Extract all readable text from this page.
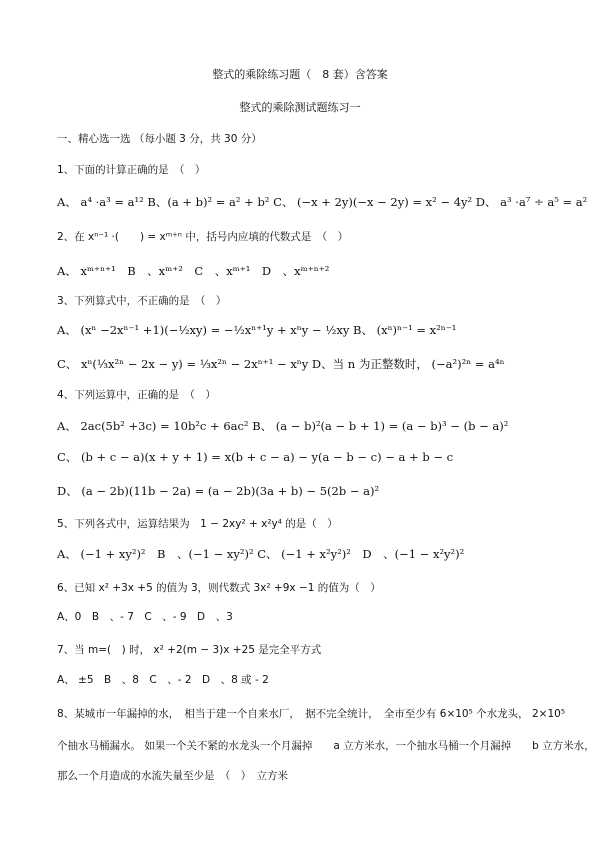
整式的乘除练习题（　8 套）含答案
整式的乘除测试题练习一
一、精心选一选 （每小题 3 分，共 30 分）
1、下面的计算正确的是　（　）
A、 a⁴ ·a³ = a¹² B、(a + b)² = a² + b² C、 (−x + 2y)(−x − 2y) = x² − 4y² D、 a³ ·a⁷ ÷ a⁵ = a²
2、在 xⁿ⁻¹ ·(　　) = xᵐ⁺ⁿ 中，括号内应填的代数式是　（　）
A、 xᵐ⁺ⁿ⁺¹　B　、xᵐ⁺²　C　、xᵐ⁺¹　D　、xᵐ⁺ⁿ⁺²
3、下列算式中，不正确的是　（　）
A、 (xⁿ −2xⁿ⁻¹ +1)(−½xy) = −½xⁿ⁺¹y + xⁿy − ½xy B、 (xⁿ)ⁿ⁻¹ = x²ⁿ⁻¹
C、 xⁿ(⅓x²ⁿ − 2x − y) = ⅓x²ⁿ − 2xⁿ⁺¹ − xⁿy D、当 n 为正整数时， (−a²)²ⁿ = a⁴ⁿ
4、下列运算中，正确的是　（　）
A、 2ac(5b² +3c) = 10b²c + 6ac² B、 (a − b)²(a − b + 1) = (a − b)³ − (b − a)²
C、 (b + c − a)(x + y + 1) = x(b + c − a) − y(a − b − c) − a + b − c
D、 (a − 2b)(11b − 2a) = (a − 2b)(3a + b) − 5(2b − a)²
5、下列各式中，运算结果为　1 − 2xy² + x²y⁴ 的是（　）
A、 (−1 + xy²)²　B　、(−1 − xy²)² C、 (−1 + x²y²)²　D　、(−1 − x²y²)²
6、已知 x² +3x +5 的值为 3，则代数式 3x² +9x −1 的值为（　）
A、0　B　、- 7　C　、- 9　D　、3
7、当 m=(　) 时， x² +2(m − 3)x +25 是完全平方式
A、 ±5　B　、8　C　、- 2　D　、8 或 - 2
8、某城市一年漏掉的水，　相当于建一个自来水厂，　据不完全统计，　全市至少有 6×10⁵ 个水龙头， 2×10⁵
个抽水马桶漏水。 如果一个关不紧的水龙头一个月漏掉　　a 立方米水，一个抽水马桶一个月漏掉　　b 立方米水，
那么一个月造成的水流失量至少是　（　）　立方米
